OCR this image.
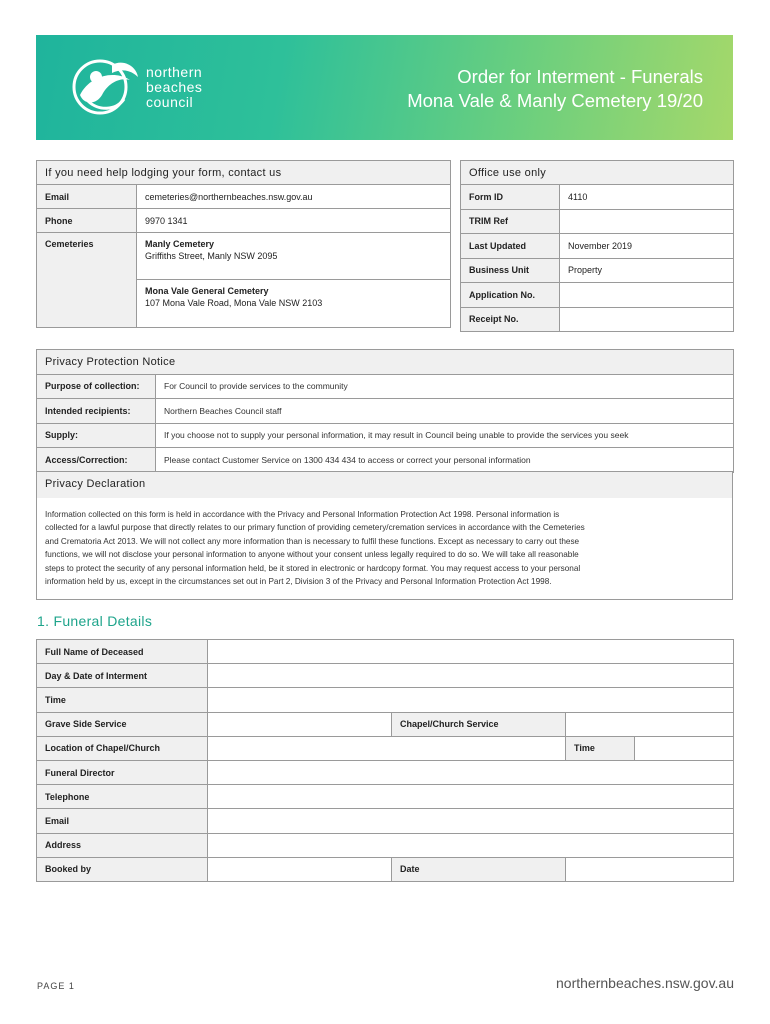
northern
beaches
council
Order for Interment - Funerals
Mona Vale & Manly Cemetery 19/20
If you need help lodging your form, contact us	
Email	cemeteries@northernbeaches.nsw.gov.au
Phone	9970 1341
Cemeteries	Manly Cemetery
Griffiths Street, Manly NSW 2095

	Mona Vale General Cemetery
107 Mona Vale Road, Mona Vale NSW 2103
Office use only	
Form ID	4110
TRIM Ref	
Last Updated	November 2019
Business Unit	Property
Application No.	
Receipt No.	
Privacy Protection Notice	
Purpose of collection:	For Council to provide services to the community
Intended recipients:	Northern Beaches Council staff
Supply:	If you choose not to supply your personal information, it may result in Council being unable to provide the services you seek
Access/Correction:	Please contact Customer Service on 1300 434 434 to access or correct your personal information
Privacy Declaration
Information collected on this form is held in accordance with the Privacy and Personal Information Protection Act 1998. Personal information is
collected for a lawful purpose that directly relates to our primary function of providing cemetery/cremation services in accordance with the Cemeteries
and Crematoria Act 2013. We will not collect any more information than is necessary to fulfil these functions. Except as necessary to carry out these
functions, we will not disclose your personal information to anyone without your consent unless legally required to do so. We will take all reasonable
steps to protect the security of any personal information held, be it stored in electronic or hardcopy format. You may request access to your personal
information held by us, except in the circumstances set out in Part 2, Division 3 of the Privacy and Personal Information Protection Act 1998.
1. Funeral Details
Full Name of Deceased				
Day & Date of Interment				
Time				
Grave Side Service		Chapel/Church Service		
Location of Chapel/Church			Time	
Funeral Director				
Telephone				
Email				
Address				
Booked by		Date		
PAGE 1	northernbeaches.nsw.gov.au
